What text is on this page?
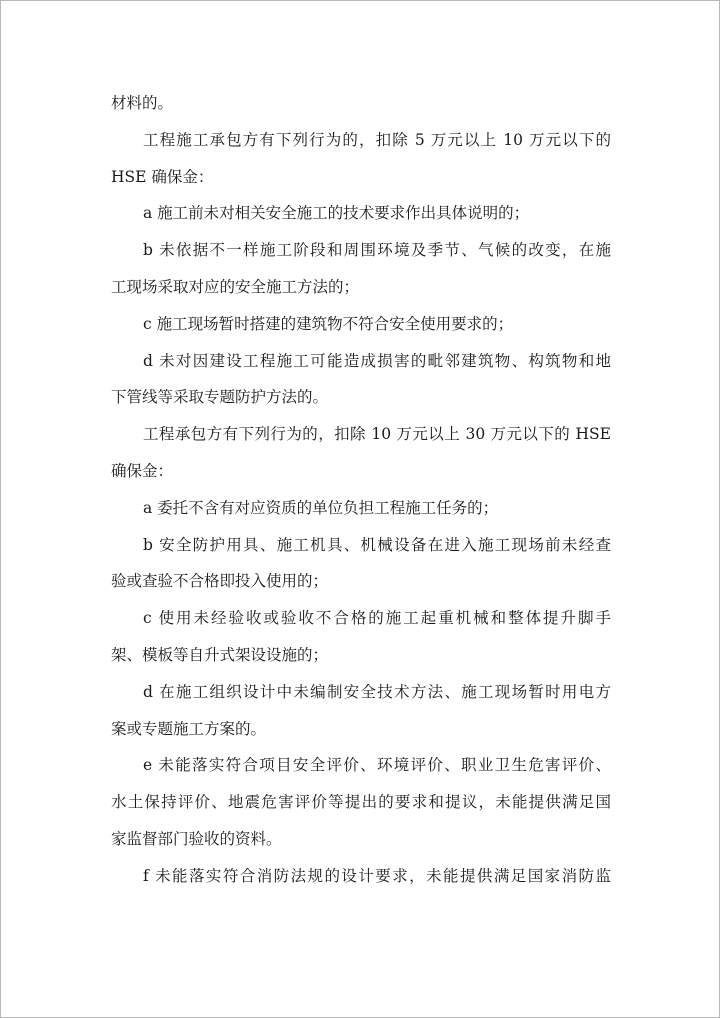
材料的。
工程施工承包方有下列行为的，扣除 5 万元以上 10 万元以下的
HSE 确保金：
a 施工前未对相关安全施工的技术要求作出具体说明的；
b 未依据不一样施工阶段和周围环境及季节、气候的改变，在施
工现场采取对应的安全施工方法的；
c 施工现场暂时搭建的建筑物不符合安全使用要求的；
d 未对因建设工程施工可能造成损害的毗邻建筑物、构筑物和地
下管线等采取专题防护方法的。
工程承包方有下列行为的，扣除 10 万元以上 30 万元以下的 HSE
确保金：
a 委托不含有对应资质的单位负担工程施工任务的；
b 安全防护用具、施工机具、机械设备在进入施工现场前未经查
验或查验不合格即投入使用的；
c 使用未经验收或验收不合格的施工起重机械和整体提升脚手
架、模板等自升式架设设施的；
d 在施工组织设计中未编制安全技术方法、施工现场暂时用电方
案或专题施工方案的。
e 未能落实符合项目安全评价、环境评价、职业卫生危害评价、
水土保持评价、地震危害评价等提出的要求和提议，未能提供满足国
家监督部门验收的资料。
f 未能落实符合消防法规的设计要求，未能提供满足国家消防监
